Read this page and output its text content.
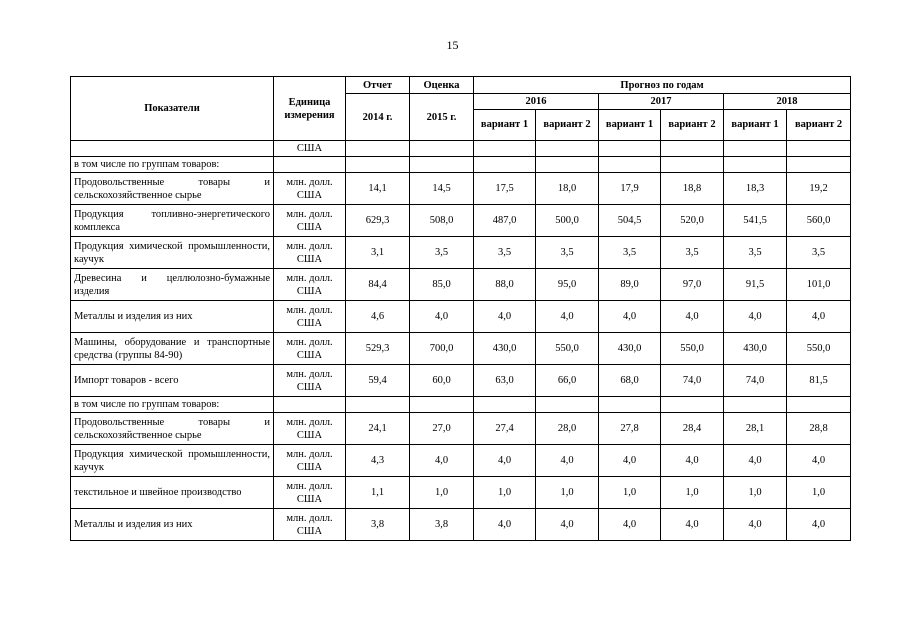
15
Показатели	Единица измерения	Отчет	Оценка	Прогноз по годам					
		2014 г.	2015 г.	2016		2017		2018	
				вариант 1	вариант 2	вариант 1	вариант 2	вариант 1	вариант 2
	США								
в том числе по группам товаров:									
Продовольственные товары и сельскохозяйственное сырье	млн. долл. США	14,1	14,5	17,5	18,0	17,9	18,8	18,3	19,2
Продукция топливно-энергетического комплекса	млн. долл. США	629,3	508,0	487,0	500,0	504,5	520,0	541,5	560,0
Продукция химической промышленности, каучук	млн. долл. США	3,1	3,5	3,5	3,5	3,5	3,5	3,5	3,5
Древесина и целлюлозно-бумажные изделия	млн. долл. США	84,4	85,0	88,0	95,0	89,0	97,0	91,5	101,0
Металлы и изделия из них	млн. долл. США	4,6	4,0	4,0	4,0	4,0	4,0	4,0	4,0
Машины, оборудование и транспортные средства (группы 84-90)	млн. долл. США	529,3	700,0	430,0	550,0	430,0	550,0	430,0	550,0
Импорт товаров - всего	млн. долл. США	59,4	60,0	63,0	66,0	68,0	74,0	74,0	81,5
в том числе по группам товаров:									
Продовольственные товары и сельскохозяйственное сырье	млн. долл. США	24,1	27,0	27,4	28,0	27,8	28,4	28,1	28,8
Продукция химической промышленности, каучук	млн. долл. США	4,3	4,0	4,0	4,0	4,0	4,0	4,0	4,0
текстильное и швейное производство	млн. долл. США	1,1	1,0	1,0	1,0	1,0	1,0	1,0	1,0
Металлы и изделия из них	млн. долл. США	3,8	3,8	4,0	4,0	4,0	4,0	4,0	4,0
